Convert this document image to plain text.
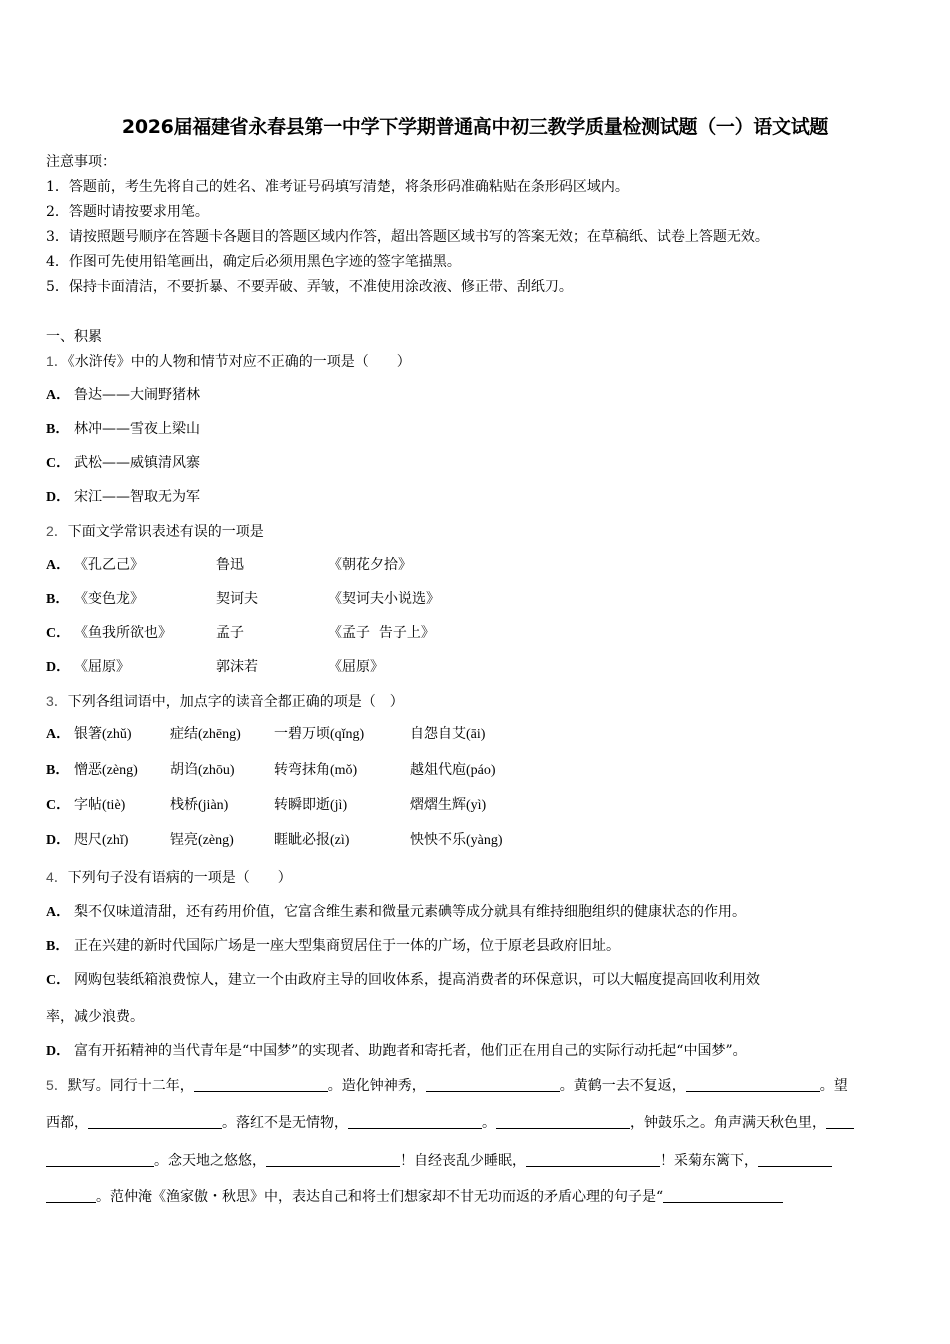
2026届福建省永春县第一中学下学期普通高中初三教学质量检测试题（一）语文试题
注意事项：
1．答题前，考生先将自己的姓名、准考证号码填写清楚，将条形码准确粘贴在条形码区域内。
2．答题时请按要求用笔。
3．请按照题号顺序在答题卡各题目的答题区域内作答，超出答题区域书写的答案无效；在草稿纸、试卷上答题无效。
4．作图可先使用铅笔画出，确定后必须用黑色字迹的签字笔描黑。
5．保持卡面清洁，不要折暴、不要弄破、弄皱，不准使用涂改液、修正带、刮纸刀。
一、积累
1．《水浒传》中的人物和情节对应不正确的一项是（　　）
A． 鲁达——大闹野猪林
B． 林冲——雪夜上梁山
C． 武松——威镇清风寨
D． 宋江——智取无为军
2．下面文学常识表述有误的一项是
A． 《孔乙己》	鲁迅	《朝花夕拾》
B． 《变色龙》	契诃夫	《契诃夫小说选》
C． 《鱼我所欲也》	孟子	《孟子  告子上》
D． 《屈原》	郭沫若	《屈原》
3．下列各组词语中，加点字的读音全都正确的项是（　）
A． 银箸(zhǔ)	症结(zhēng) 一碧万顷(qǐng)	自怨自艾(āi)
B． 憎恶(zèng) 胡诌(zhōu)	转弯抹角(mǒ)	越俎代庖(páo)
C． 字帖(tiè)	栈桥(jiàn)	转瞬即逝(jì)	熠熠生辉(yì)
D． 咫尺(zhǐ)	锃亮(zèng)	睚眦必报(zì)	怏怏不乐(yàng)
4．下列句子没有语病的一项是（　　）
A． 梨不仅味道清甜，还有药用价值，它富含维生素和微量元素碘等成分就具有维持细胞组织的健康状态的作用。
B． 正在兴建的新时代国际广场是一座大型集商贸居住于一体的广场，位于原老县政府旧址。
C． 网购包装纸箱浪费惊人，建立一个由政府主导的回收体系，提高消费者的环保意识，可以大幅度提高回收利用效
率，减少浪费。
D． 富有开拓精神的当代青年是“中国梦”的实现者、助跑者和寄托者，他们正在用自己的实际行动托起“中国梦”。
5．默写。同行十二年，	。造化钟神秀，	。黄鹤一去不复返，	。望
西都，	。落红不是无情物，	。	，钟鼓乐之。角声满天秋色里，
。念天地之悠悠，	！自经丧乱少睡眠，	！采菊东篱下，
。范仲淹《渔家傲・秋思》中，表达自己和将士们想家却不甘无功而返的矛盾心理的句子是“
